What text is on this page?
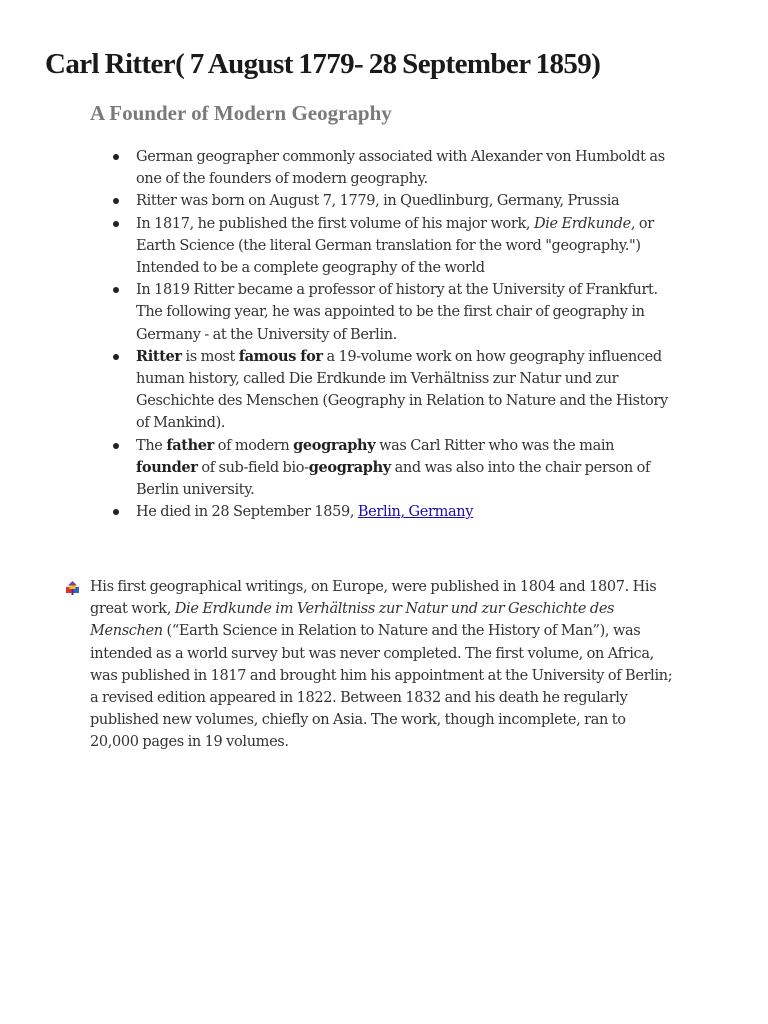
Carl Ritter( 7 August 1779- 28 September 1859)
A Founder of Modern Geography
German geographer commonly associated with Alexander von Humboldt as one of the founders of modern geography.
Ritter was born on August 7, 1779, in Quedlinburg, Germany, Prussia
In 1817, he published the first volume of his major work, Die Erdkunde, or Earth Science (the literal German translation for the word "geography.") Intended to be a complete geography of the world
In 1819 Ritter became a professor of history at the University of Frankfurt. The following year, he was appointed to be the first chair of geography in Germany - at the University of Berlin.
Ritter is most famous for a 19-volume work on how geography influenced human history, called Die Erdkunde im Verhältniss zur Natur und zur Geschichte des Menschen (Geography in Relation to Nature and the History of Mankind).
The father of modern geography was Carl Ritter who was the main
founder of sub-field bio-geography and was also into the chair person of Berlin university.
He died in 28 September 1859, Berlin, Germany

His first geographical writings, on Europe, were published in 1804 and 1807. His great work, Die Erdkunde im Verhältniss zur Natur und zur Geschichte des Menschen (“Earth Science in Relation to Nature and the History of Man”), was intended as a world survey but was never completed. The first volume, on Africa, was published in 1817 and brought him his appointment at the University of Berlin; a revised edition appeared in 1822. Between 1832 and his death he regularly published new volumes, chiefly on Asia. The work, though incomplete, ran to 20,000 pages in 19 volumes.
